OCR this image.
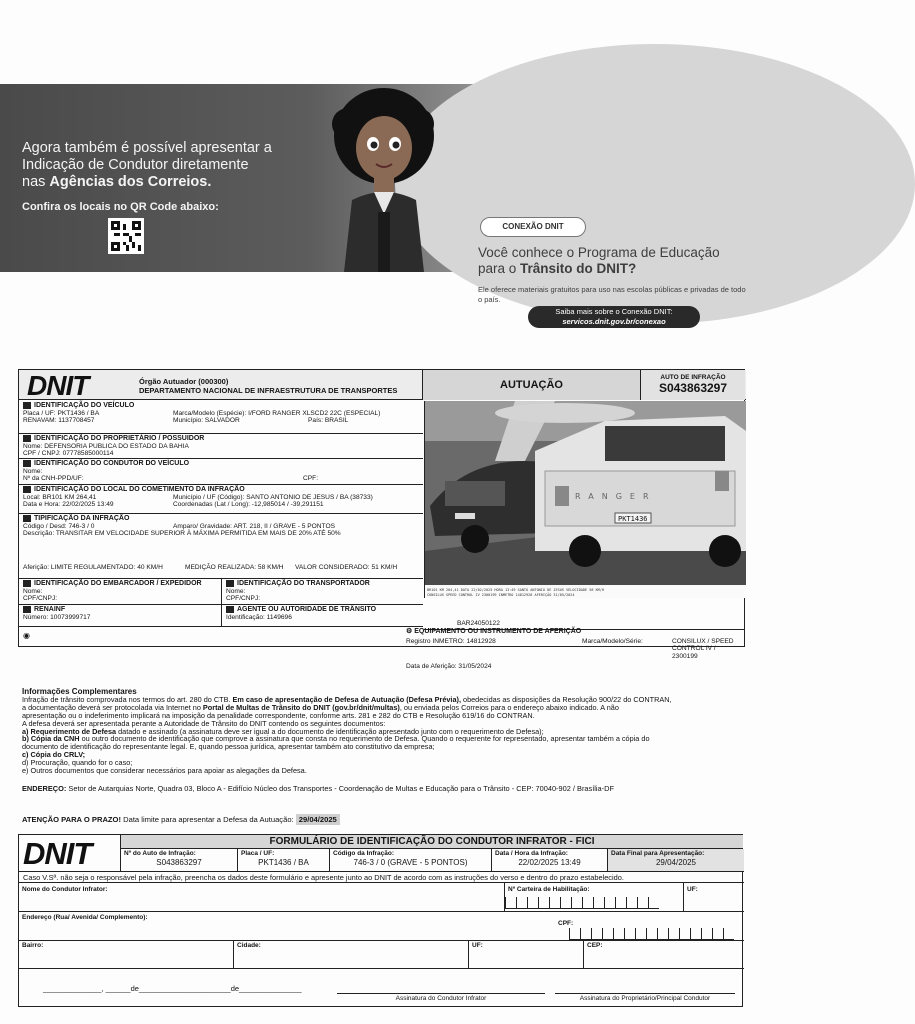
Agora também é possível apresentar a
Indicação de Condutor diretamente
nas Agências dos Correios.
Confira os locais no QR Code abaixo:
CONEXÃO DNIT
Você conhece o Programa de Educação
para o Trânsito do DNIT?
Ele oferece materiais gratuitos para uso nas escolas públicas e privadas de todo o país.
Saiba mais sobre o Conexão DNIT:
servicos.dnit.gov.br/conexao
DNIT	Órgão Autuador (000300)
DEPARTAMENTO NACIONAL DE INFRAESTRUTURA DE TRANSPORTES	AUTUAÇÃO
AUTO DE INFRAÇÃO
S043863297
IDENTIFICAÇÃO DO VEÍCULO
Placa / UF: PKT1436 / BA	Marca/Modelo (Espécie): I/FORD RANGER XLSCD2 22C (ESPECIAL)
RENAVAM: 1137708457	Município: SALVADOR	País: BRASIL
IDENTIFICAÇÃO DO PROPRIETÁRIO / POSSUIDOR
Nome: DEFENSORIA PUBLICA DO ESTADO DA BAHIA
CPF / CNPJ: 07778585000114
IDENTIFICAÇÃO DO CONDUTOR DO VEÍCULO
Nome:
Nº da CNH-PPD/UF:	CPF:
IDENTIFICAÇÃO DO LOCAL DO COMETIMENTO DA INFRAÇÃO
Local: BR101 KM 264,41	Município / UF (Código): SANTO ANTONIO DE JESUS / BA (38733)
Data e Hora: 22/02/2025 13:49	Coordenadas (Lat / Long): -12,985014 / -39,291151
TIPIFICAÇÃO DA INFRAÇÃO
Código / Desd: 746-3 / 0	Amparo/ Gravidade: ART. 218, II / GRAVE - 5 PONTOS
Descrição: TRANSITAR EM VELOCIDADE SUPERIOR À MÁXIMA PERMITIDA EM MAIS DE 20% ATÉ 50%
Aferição: LIMITE REGULAMENTADO: 40 KM/H	MEDIÇÃO REALIZADA: 58 KM/H	VALOR CONSIDERADO: 51 KM/H
IDENTIFICAÇÃO DO EMBARCADOR / EXPEDIDOR
Nome:
CPF/CNPJ:
IDENTIFICAÇÃO DO TRANSPORTADOR
Nome:
CPF/CNPJ:
RENAINF
Número: 10073999717
AGENTE OU AUTORIDADE DE TRÂNSITO
Identificação: 1149696
◉
RANGER
PKT1436
BR101 KM 264,41 DATA 22/02/2025 HORA 13:49 SANTO ANTONIO DE JESUS VELOCIDADE 58 KM/H
CONSILUX SPEED CONTROL IV 2300199 INMETRO 14812928 AFERIÇÃO 31/05/2024
BAR24050122
⚙ EQUIPAMENTO OU INSTRUMENTO DE AFERIÇÃO
Registro INMETRO: 14812928	Marca/Modelo/Série:	CONSILUX / SPEED
CONTROL IV /
2300199
Data de Aferição: 31/05/2024
Informações Complementares
Infração de trânsito comprovada nos termos do art. 280 do CTB. Em caso de apresentação de Defesa de Autuação (Defesa Prévia), obedecidas as disposições da Resolução 900/22 do CONTRAN,
a documentação deverá ser protocolada via Internet no Portal de Multas de Trânsito do DNIT (gov.br/dnit/multas), ou enviada pelos Correios para o endereço abaixo indicado. A não
apresentação ou o indeferimento implicará na imposição da penalidade correspondente, conforme arts. 281 e 282 do CTB e Resolução 619/16 do CONTRAN.
A defesa deverá ser apresentada perante a Autoridade de Trânsito do DNIT contendo os seguintes documentos:
a) Requerimento de Defesa datado e assinado (a assinatura deve ser igual a do documento de identificação apresentado junto com o requerimento de Defesa);
b) Cópia da CNH ou outro documento de identificação que comprove a assinatura que consta no requerimento de Defesa. Quando o requerente for representado, apresentar também a cópia do
documento de identificação do representante legal. E, quando pessoa jurídica, apresentar também ato constitutivo da empresa;
c) Cópia do CRLV;
d) Procuração, quando for o caso;
e) Outros documentos que considerar necessários para apoiar as alegações da Defesa.
ENDEREÇO: Setor de Autarquias Norte, Quadra 03, Bloco A - Edifício Núcleo dos Transportes - Coordenação de Multas e Educação para o Trânsito - CEP: 70040-902 / Brasília-DF
ATENÇÃO PARA O PRAZO! Data limite para apresentar a Defesa da Autuação: 29/04/2025
DNIT	FORMULÁRIO DE IDENTIFICAÇÃO DO CONDUTOR INFRATOR - FICI
Nº do Auto de Infração:
S043863297
Placa / UF:
PKT1436 / BA
Código da Infração:
746-3 / 0 (GRAVE - 5 PONTOS)
Data / Hora da Infração:
22/02/2025 13:49
Data Final para Apresentação:
29/04/2025
Caso V.Sª. não seja o responsável pela infração, preencha os dados deste formulário e apresente junto ao DNIT de acordo com as instruções do verso e dentro do prazo estabelecido.
Nome do Condutor Infrator:	Nº Carteira de Habilitação:	UF:
Endereço (Rua/ Avenida/ Complemento):
CPF:
Bairro:	Cidade:	UF:	CEP:
______________, ______de______________________de_______________
Assinatura do Condutor Infrator	Assinatura do Proprietário/Principal Condutor
